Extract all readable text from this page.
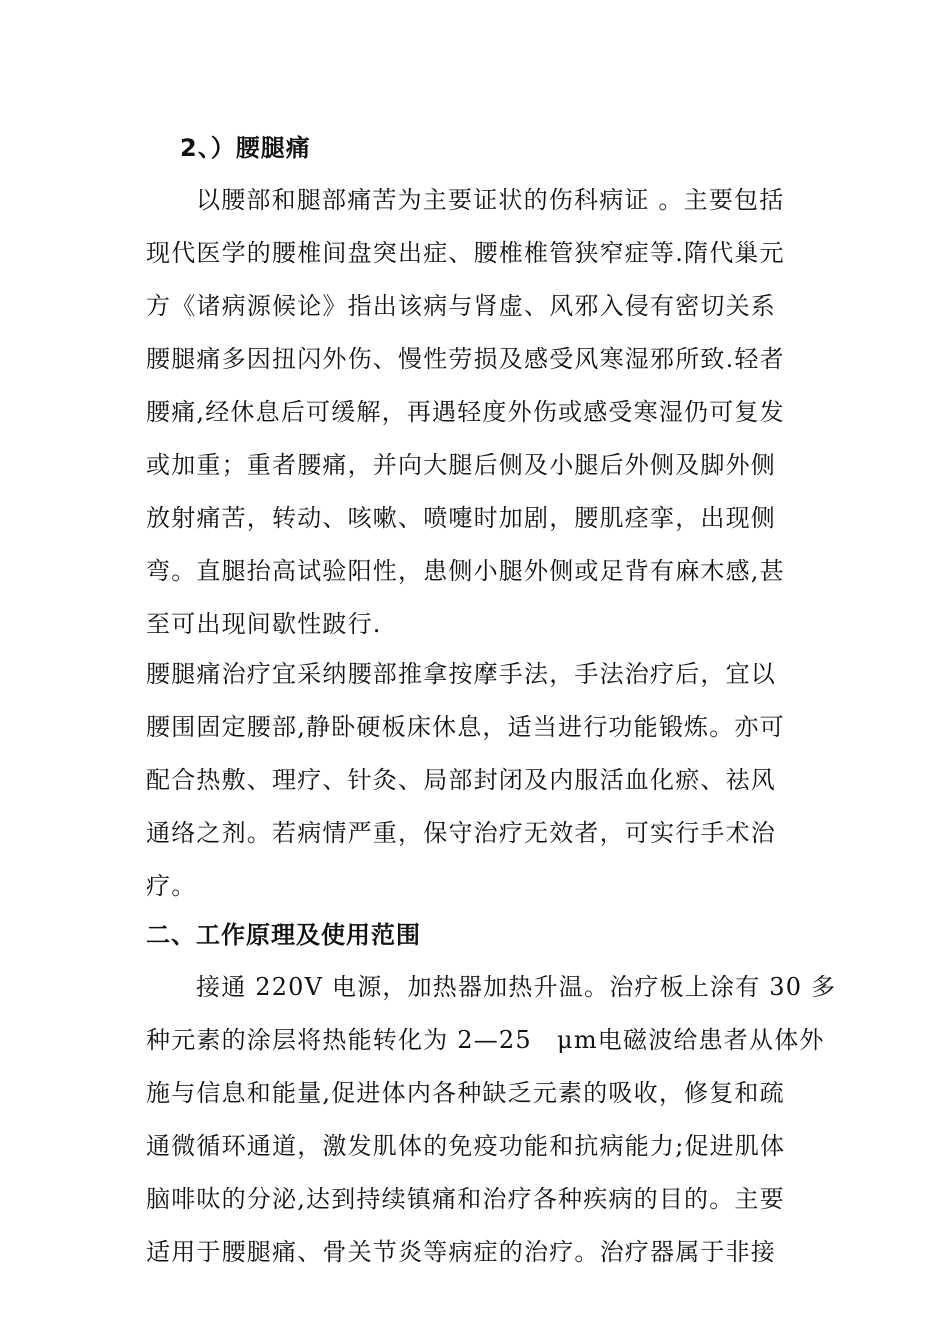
2、）腰腿痛
以腰部和腿部痛苦为主要证状的伤科病证 。主要包括
现代医学的腰椎间盘突出症、腰椎椎管狭窄症等.隋代巢元
方《诸病源候论》指出该病与肾虚、风邪入侵有密切关系
腰腿痛多因扭闪外伤、慢性劳损及感受风寒湿邪所致.轻者
腰痛,经休息后可缓解，再遇轻度外伤或感受寒湿仍可复发
或加重；重者腰痛，并向大腿后侧及小腿后外侧及脚外侧
放射痛苦，转动、咳嗽、喷嚏时加剧，腰肌痉挛，出现侧
弯。直腿抬高试验阳性，患侧小腿外侧或足背有麻木感,甚
至可出现间歇性跛行.
腰腿痛治疗宜采纳腰部推拿按摩手法，手法治疗后，宜以
腰围固定腰部,静卧硬板床休息，适当进行功能锻炼。亦可
配合热敷、理疗、针灸、局部封闭及内服活血化瘀、祛风
通络之剂。若病情严重，保守治疗无效者，可实行手术治
疗。
二、工作原理及使用范围
接通 220V 电源，加热器加热升温。治疗板上涂有 30 多
种元素的涂层将热能转化为 2—25　μm电磁波给患者从体外
施与信息和能量,促进体内各种缺乏元素的吸收，修复和疏
通微循环通道，激发肌体的免疫功能和抗病能力;促进肌体
脑啡呔的分泌,达到持续镇痛和治疗各种疾病的目的。主要
适用于腰腿痛、骨关节炎等病症的治疗。治疗器属于非接
